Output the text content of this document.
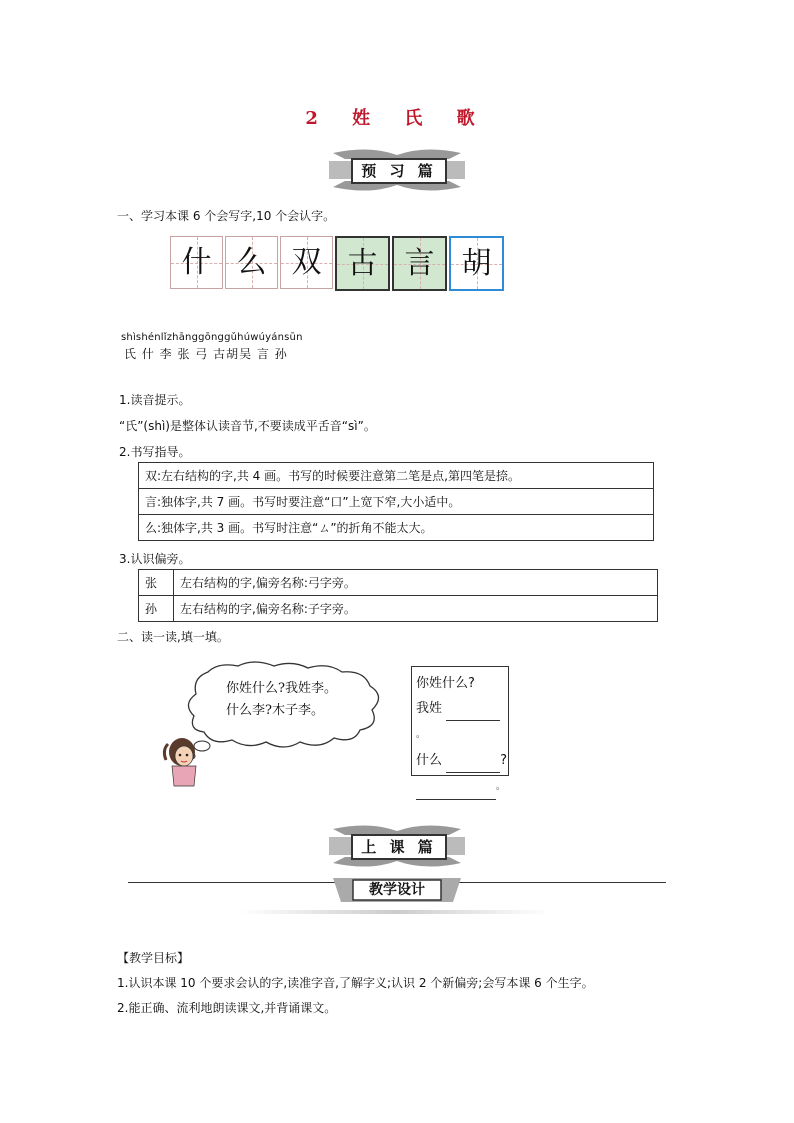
2 姓 氏 歌
预 习 篇
一、学习本课 6 个会写字,10 个会认字。
什 么 双 古 言 胡
shìshénlǐzhānggōnggǔhúwúyánsūn
氏 什 李 张 弓 古胡吴 言 孙
1.读音提示。
“氏”(shì)是整体认读音节,不要读成平舌音“sì”。
2.书写指导。
双:左右结构的字,共 4 画。书写的时候要注意第二笔是点,第四笔是捺。
言:独体字,共 7 画。书写时要注意“口”上宽下窄,大小适中。
么:独体字,共 3 画。书写时注意“ㄙ”的折角不能太大。
3.认识偏旁。
张	左右结构的字,偏旁名称:弓字旁。
孙	左右结构的字,偏旁名称:子字旁。
二、读一读,填一填。
你姓什么?我姓李。
什么李?木子李。
你姓什么?
我姓 。
什么	?
。
上 课 篇
教学设计
【教学目标】
1.认识本课 10 个要求会认的字,读准字音,了解字义;认识 2 个新偏旁;会写本课 6 个生字。
2.能正确、流利地朗读课文,并背诵课文。
